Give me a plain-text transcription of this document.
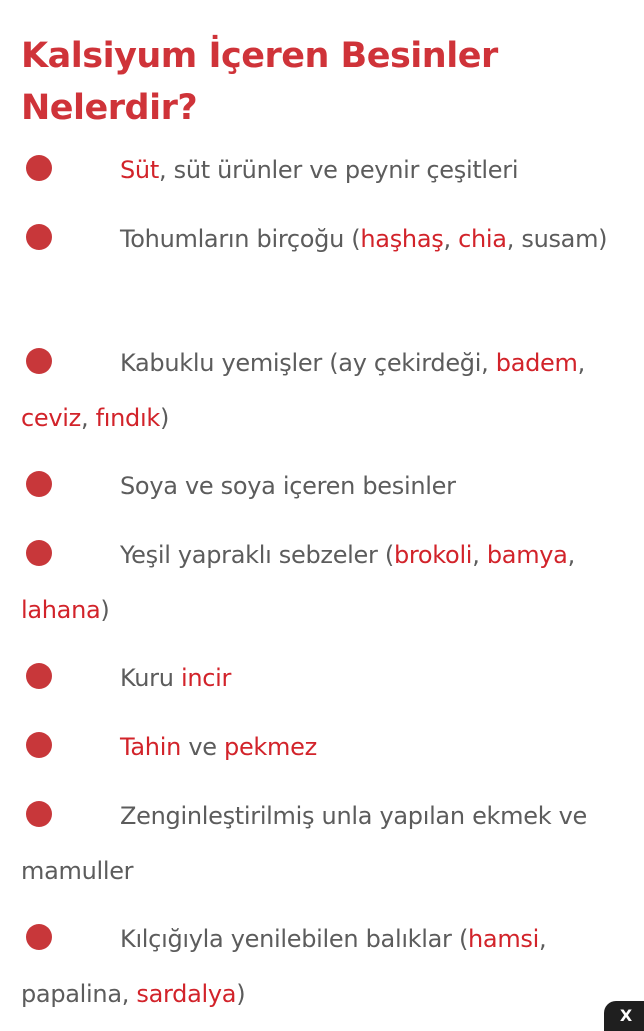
Kalsiyum İçeren Besinler Nelerdir?
Süt, süt ürünler ve peynir çeşitleri
Tohumların birçoğu (haşhaş, chia, susam)
Kabuklu yemişler (ay çekirdeği, badem, ceviz, fındık)
Soya ve soya içeren besinler
Yeşil yapraklı sebzeler (brokoli, bamya, lahana)
Kuru incir
Tahin ve pekmez
Zenginleştirilmiş unla yapılan ekmek ve mamuller
Kılçığıyla yenilebilen balıklar (hamsi, papalina, sardalya)
X
